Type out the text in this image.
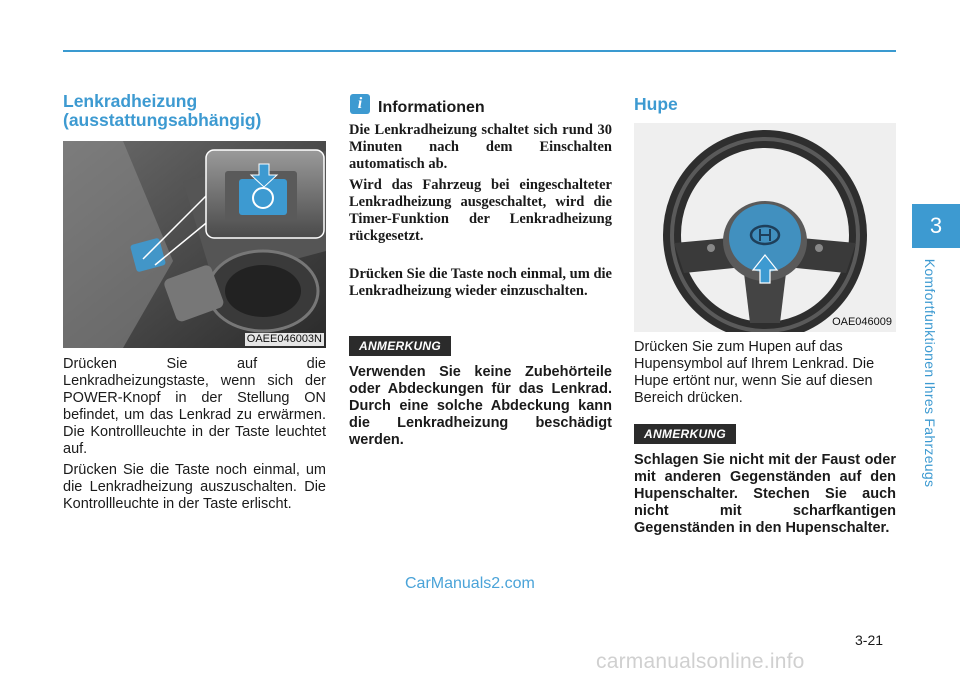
Lenkradheizung
(ausstattungsabhängig)
OAEE046003N
Drücken Sie auf die Lenkradheizungstaste, wenn sich der POWER-Knopf in der Stellung ON befindet, um das Lenkrad zu erwärmen. Die Kontrollleuchte in der Taste leuchtet auf.
Drücken Sie die Taste noch einmal, um die Lenkradheizung auszuschalten. Die Kontrollleuchte in der Taste erlischt.
i Informationen
Die Lenkradheizung schaltet sich rund 30 Minuten nach dem Einschalten automatisch ab.
Wird das Fahrzeug bei eingeschalteter Lenkradheizung ausgeschaltet, wird die Timer-Funktion der Lenkradheizung rückgesetzt.
Drücken Sie die Taste noch einmal, um die Lenkradheizung wieder einzuschalten.
ANMERKUNG
Verwenden Sie keine Zubehörteile oder Abdeckungen für das Lenkrad. Durch eine solche Abdeckung kann die Lenkradheizung beschädigt werden.
Hupe
OAE046009
Drücken Sie zum Hupen auf das Hupensymbol auf Ihrem Lenkrad. Die Hupe ertönt nur, wenn Sie auf diesen Bereich drücken.
ANMERKUNG
Schlagen Sie nicht mit der Faust oder mit anderen Gegenständen auf den Hupenschalter. Stechen Sie auch nicht mit scharfkantigen Gegenständen in den Hupenschalter.
3
Komfortfunktionen Ihres Fahrzeugs
CarManuals2.com
3-21
carmanualsonline.info
